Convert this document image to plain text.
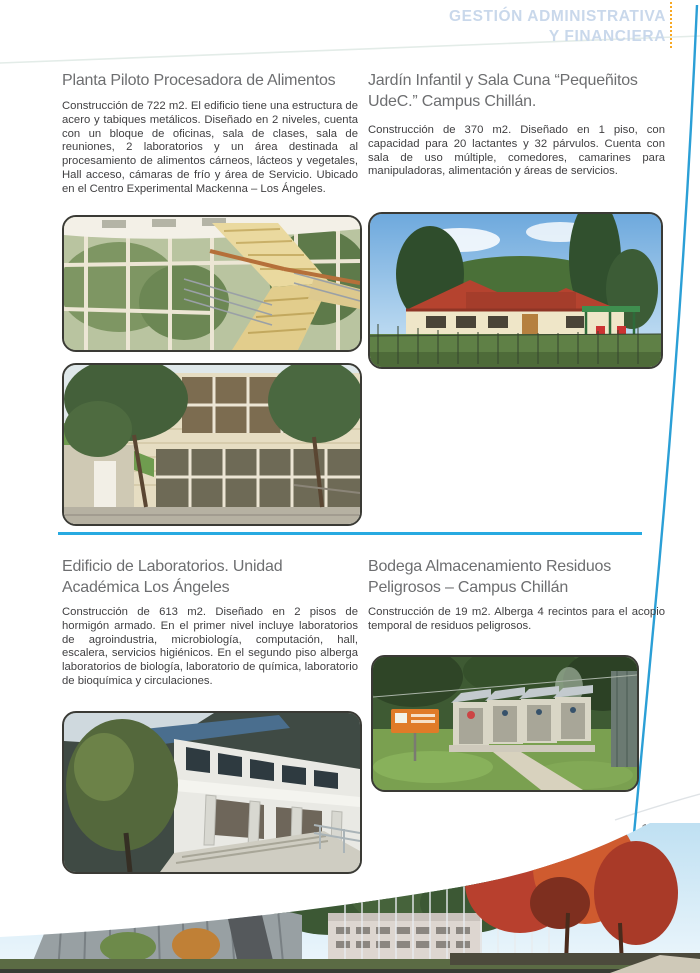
GESTIÓN ADMINISTRATIVA
Y FINANCIERA
Planta Piloto Procesadora de Alimentos
Construcción de 722 m2. El edificio tiene una estructura de acero y tabiques metálicos. Diseñado en 2 niveles, cuenta con un bloque de oficinas, sala de clases, sala de reuniones, 2 laboratorios y un área destinada al procesamiento de alimentos cárneos, lácteos y vegetales, Hall acceso, cámaras de frío y área de Servicio. Ubicado en el Centro Experimental Mackenna – Los Ángeles.
Jardín Infantil y Sala Cuna “Pequeñitos UdeC.” Campus Chillán.
Construcción de 370 m2. Diseñado en 1 piso, con capacidad para 20 lactantes y 32 párvulos. Cuenta con sala de uso múltiple, comedores, camarines para manipuladoras, alimentación y áreas de servicios.
Edificio de Laboratorios. Unidad Académica Los Ángeles
Construcción de 613 m2. Diseñado en 2 pisos de hormigón armado. En el primer nivel incluye laboratorios de agroindustria, microbiología, computación, hall, escalera, servicios higiénicos. En el segundo piso alberga laboratorios de biología, laboratorio de química, laboratorio de bioquímica y circulaciones.
Bodega Almacenamiento Residuos Peligrosos – Campus Chillán
Construcción de 19 m2. Alberga 4 recintos para el acopio temporal de residuos peligrosos.
